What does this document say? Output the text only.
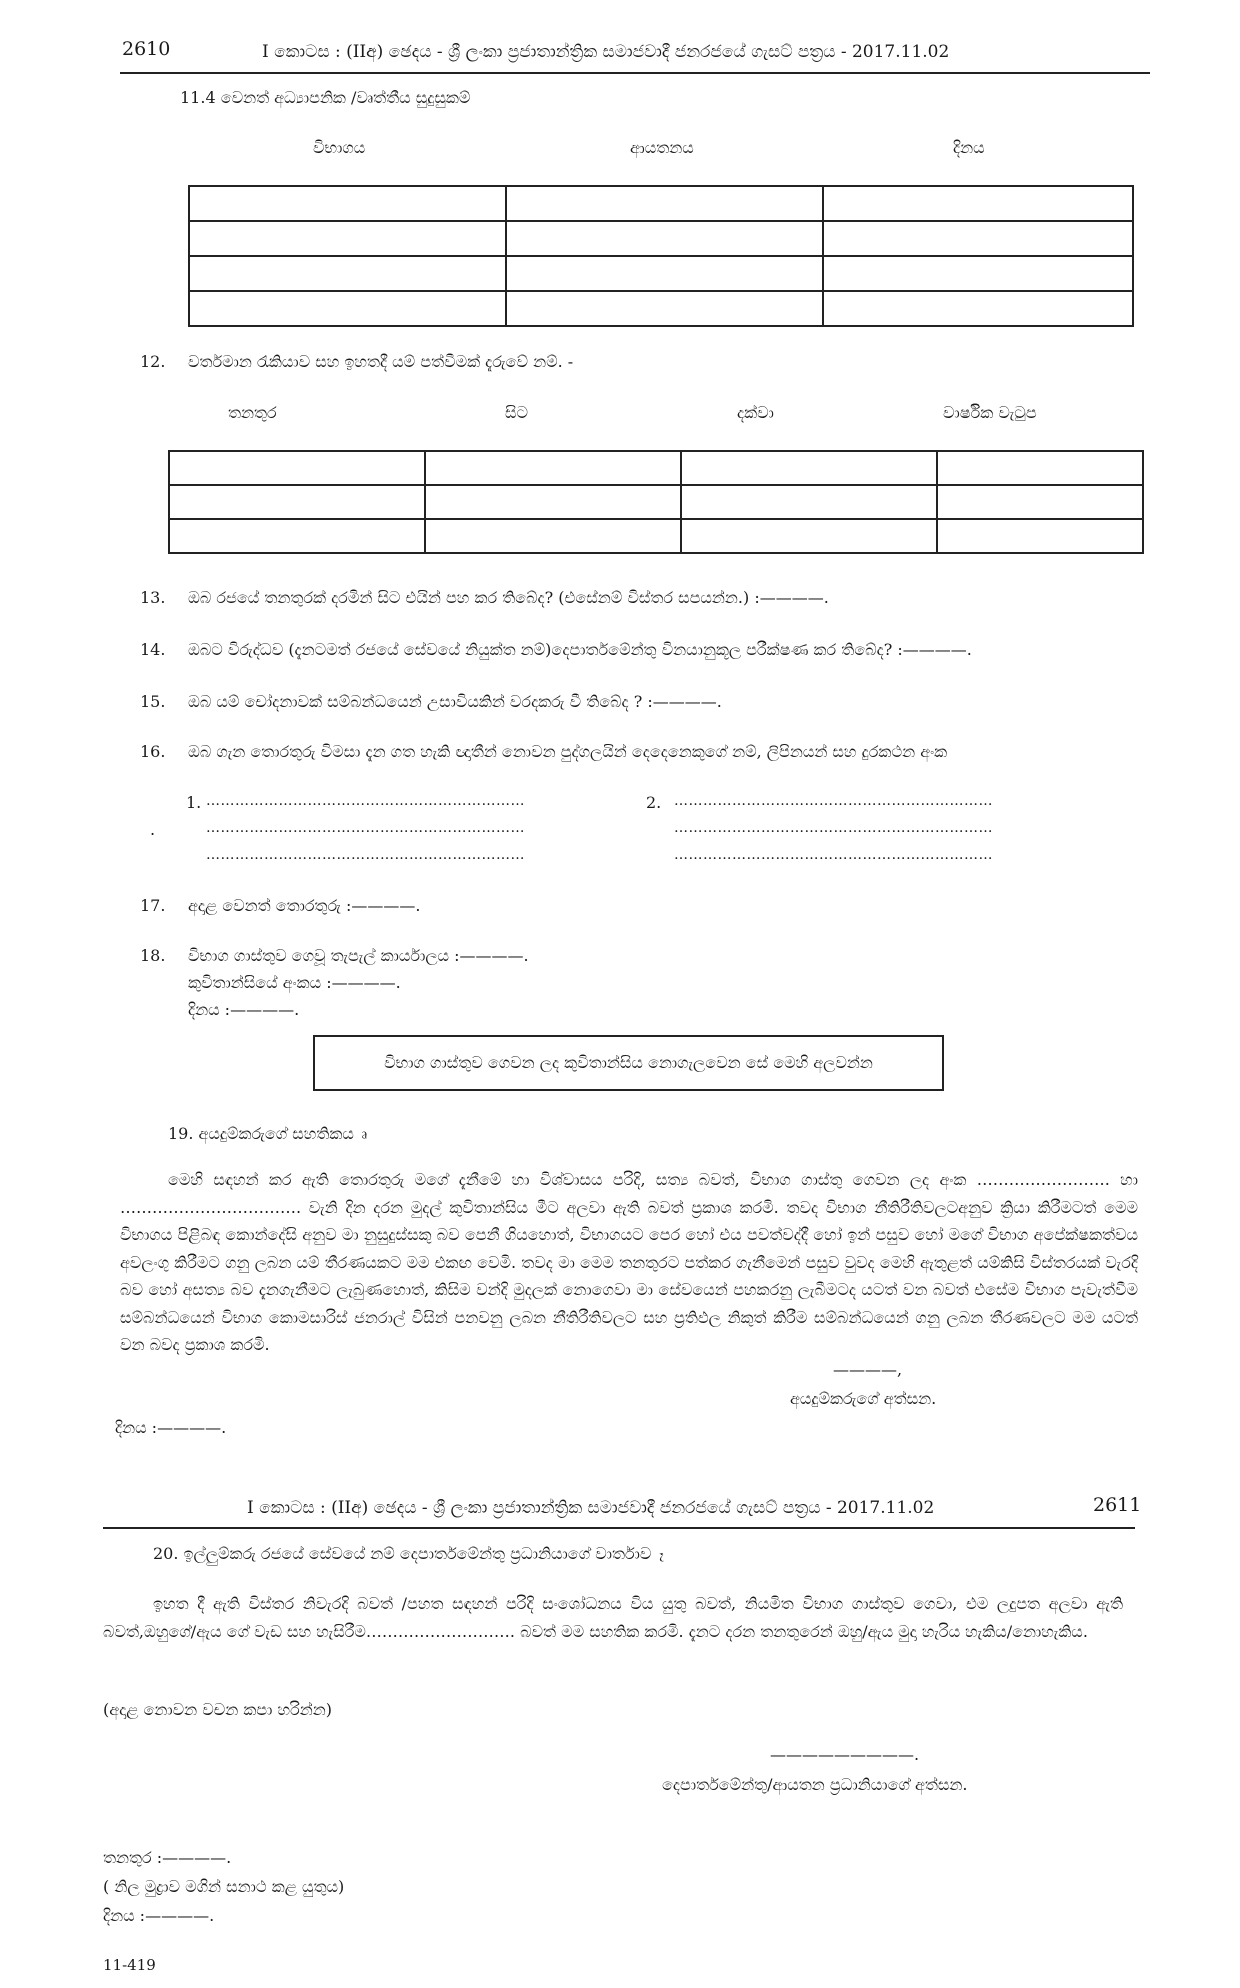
2610	I කොටස : (IIඅ) ඡෙදය - ශ්‍රී ලංකා ප්‍රජාතාන්ත්‍රික සමාජවාදී ජනරජයේ ගැසට් පත්‍රය - 2017.11.02
11.4 වෙනත් අධ්‍යාපනික /වෘත්තීය සුදුසුකම්
විභාගය	ආයතනය	දිනය

12. වර්තමාන රැකියාව සහ ඉහතදී යම් පත්වීමක් දැරුවේ නම්. -
තනතුර	සිට	දක්වා	වාර්ෂික වැටුප

13. ඔබ රජයේ තනතුරක් දරමින් සිට එයින් පහ කර තිබේද? (එසේනම් විස්තර සපයන්න.) :————.
14. ඔබට විරුද්ධව (දැනටමත් රජයේ සේවයේ නියුක්ත නම්)දෙපාර්තමේන්තු විනයානුකූල පරීක්ෂණ කර තිබේද? :————.
15. ඔබ යම් චෝදනාවක් සම්බන්ධයෙන් උසාවියකින් වරදකරු වී තිබේද ? :————.
16. ඔබ ගැන තොරතුරු විමසා දැන ගත හැකි ඥාතීන් නොවන පුද්ගලයින් දෙදෙනෙකුගේ නම්, ලිපිනයන් සහ දුරකථන අංක
1. …………………………………………………………
…………………………………………………………
…………………………………………………………
.
2. …………………………………………………………
…………………………………………………………
…………………………………………………………
17. අදාළ වෙනත් තොරතුරු :————.
18. විභාග ගාස්තුව ගෙවූ තැපැල් කාර්යාලය :————.
කුවිතාන්සියේ අංකය :————.
දිනය :————.
විභාග ගාස්තුව ගෙවන ලද කුවිතාන්සිය නොගැලවෙන සේ මෙහි අලවන්න
19. අයදුම්කරුගේ සහතිකය ෘ
මෙහි සඳහන් කර ඇති තොරතුරු මගේ දැනීමේ හා විශ්වාසය පරිදි, සත්‍ය බවත්, විභාග ගාස්තු ගෙවන ලද අංක ……………………. හා ……………………………. වැනි දින දරන මුදල් කුවිතාන්සිය මීට අලවා ඇති බවත් ප්‍රකාශ කරමි. තවද විභාග නීතිරීතිවලටඅනුව ක්‍රියා කිරීමටත් මෙම විභාගය පිළිබඳ කොන්දේසි අනුව මා නුසුදුස්සකු බව පෙනී ගියහොත්, විභාගයට පෙර හෝ එය පවත්වද්දී හෝ ඉන් පසුව හෝ මගේ විභාග අපේක්ෂකත්වය අවලංගු කිරීමට ගනු ලබන යම් තීරණයකට මම එකඟ වෙමි. තවද මා මෙම තනතුරට පත්කර ගැනීමෙන් පසුව වුවද මෙහි ඇතුළත් යම්කිසි විස්තරයක් වැරදි බව හෝ අසත්‍ය බව දැනගැනීමට ලැබුණහොත්, කිසිම වන්දි මුදලක් නොගෙවා මා සේවයෙන් පහකරනු ලැබීමටද යටත් වන බවත් එසේම විභාග පැවැත්වීම සම්බන්ධයෙන් විභාග කොමසාරිස් ජනරාල් විසින් පනවනු ලබන නීතිරීතිවලට සහ ප්‍රතිඵල නිකුත් කිරීම සම්බන්ධයෙන් ගනු ලබන තීරණවලට මම යටත් වන බවද ප්‍රකාශ කරමි.
————,
අයදුම්කරුගේ අත්සන.
දිනය :————.
I කොටස : (IIඅ) ඡෙදය - ශ්‍රී ලංකා ප්‍රජාතාන්ත්‍රික සමාජවාදී ජනරජයේ ගැසට් පත්‍රය - 2017.11.02	2611
20. ඉල්ලුම්කරු රජයේ සේවයේ නම් දෙපාර්තමේන්තු ප්‍රධානියාගේ වාර්තාව ෑ
ඉහත දී ඇති විස්තර නිවැරදි බවත් /පහත සඳහන් පරිදි සංශෝධනය විය යුතු බවත්, නියමිත විභාග ගාස්තුව ගෙවා, එම ලදුපත අලවා ඇති බවත්,ඔහුගේ/ඇය ගේ වැඩ සහ හැසිරීම………………………. බවත් මම සහතික කරමි. දැනට දරන තනතුරෙන් ඔහු/ඇය මුදා හැරිය හැකිය/නොහැකිය.
(අදාළ නොවන වචන කපා හරින්න)
—————————.
දෙපාර්තමේන්තු/ආයතන ප්‍රධානියාගේ අත්සන.
තනතුර :————.
( නිල මුද්‍රාව මගින් සනාථ කළ යුතුය)
දිනය :————.
11-419
